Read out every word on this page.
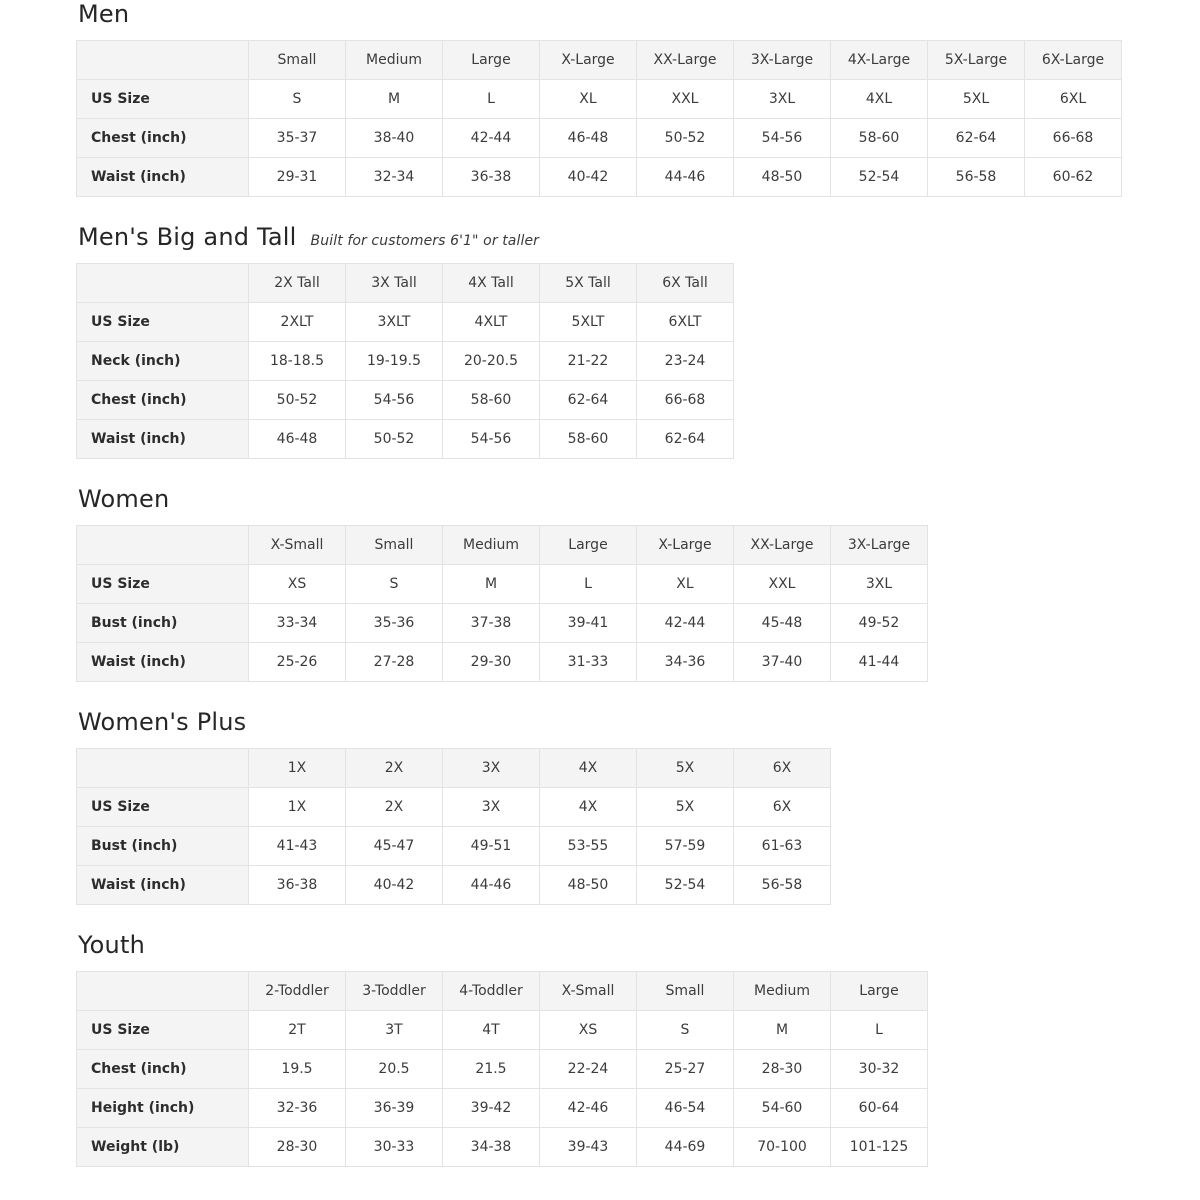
Men
	Small	Medium	Large	X-Large	XX-Large	3X-Large	4X-Large	5X-Large	6X-Large
US Size	S	M	L	XL	XXL	3XL	4XL	5XL	6XL
Chest (inch)	35-37	38-40	42-44	46-48	50-52	54-56	58-60	62-64	66-68
Waist (inch)	29-31	32-34	36-38	40-42	44-46	48-50	52-54	56-58	60-62
Men's Big and Tall Built for customers 6'1" or taller
	2X Tall	3X Tall	4X Tall	5X Tall	6X Tall
US Size	2XLT	3XLT	4XLT	5XLT	6XLT
Neck (inch)	18-18.5	19-19.5	20-20.5	21-22	23-24
Chest (inch)	50-52	54-56	58-60	62-64	66-68
Waist (inch)	46-48	50-52	54-56	58-60	62-64
Women
	X-Small	Small	Medium	Large	X-Large	XX-Large	3X-Large
US Size	XS	S	M	L	XL	XXL	3XL
Bust (inch)	33-34	35-36	37-38	39-41	42-44	45-48	49-52
Waist (inch)	25-26	27-28	29-30	31-33	34-36	37-40	41-44
Women's Plus
	1X	2X	3X	4X	5X	6X
US Size	1X	2X	3X	4X	5X	6X
Bust (inch)	41-43	45-47	49-51	53-55	57-59	61-63
Waist (inch)	36-38	40-42	44-46	48-50	52-54	56-58
Youth
	2-Toddler	3-Toddler	4-Toddler	X-Small	Small	Medium	Large
US Size	2T	3T	4T	XS	S	M	L
Chest (inch)	19.5	20.5	21.5	22-24	25-27	28-30	30-32
Height (inch)	32-36	36-39	39-42	42-46	46-54	54-60	60-64
Weight (lb)	28-30	30-33	34-38	39-43	44-69	70-100	101-125
